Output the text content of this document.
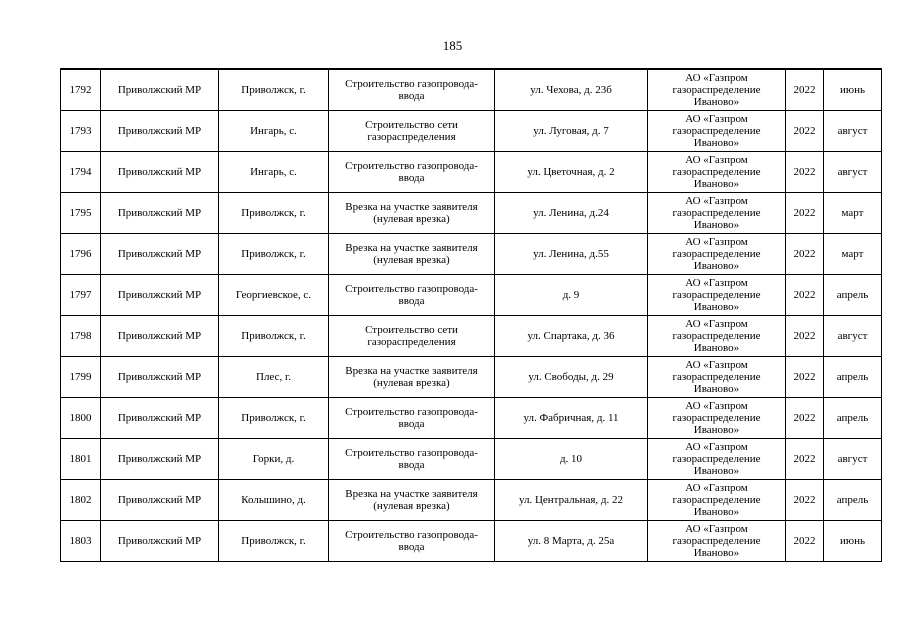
185
1792	Приволжский МР	Приволжск, г.	Строительство газопровода-
ввода	ул. Чехова, д. 23б	АО «Газпром
газораспределение
Иваново»	2022	июнь
1793	Приволжский МР	Ингарь, с.	Строительство сети
газораспределения	ул. Луговая, д. 7	АО «Газпром
газораспределение
Иваново»	2022	август
1794	Приволжский МР	Ингарь, с.	Строительство газопровода-
ввода	ул. Цветочная, д. 2	АО «Газпром
газораспределение
Иваново»	2022	август
1795	Приволжский МР	Приволжск, г.	Врезка на участке заявителя
(нулевая врезка)	ул. Ленина, д.24	АО «Газпром
газораспределение
Иваново»	2022	март
1796	Приволжский МР	Приволжск, г.	Врезка на участке заявителя
(нулевая врезка)	ул. Ленина, д.55	АО «Газпром
газораспределение
Иваново»	2022	март
1797	Приволжский МР	Георгиевское, с.	Строительство газопровода-
ввода	д. 9	АО «Газпром
газораспределение
Иваново»	2022	апрель
1798	Приволжский МР	Приволжск, г.	Строительство сети
газораспределения	ул. Спартака, д. 36	АО «Газпром
газораспределение
Иваново»	2022	август
1799	Приволжский МР	Плес, г.	Врезка на участке заявителя
(нулевая врезка)	ул. Свободы, д. 29	АО «Газпром
газораспределение
Иваново»	2022	апрель
1800	Приволжский МР	Приволжск, г.	Строительство газопровода-
ввода	ул. Фабричная, д. 11	АО «Газпром
газораспределение
Иваново»	2022	апрель
1801	Приволжский МР	Горки, д.	Строительство газопровода-
ввода	д. 10	АО «Газпром
газораспределение
Иваново»	2022	август
1802	Приволжский МР	Колышино, д.	Врезка на участке заявителя
(нулевая врезка)	ул. Центральная, д. 22	АО «Газпром
газораспределение
Иваново»	2022	апрель
1803	Приволжский МР	Приволжск, г.	Строительство газопровода-
ввода	ул. 8 Марта, д. 25а	АО «Газпром
газораспределение
Иваново»	2022	июнь
